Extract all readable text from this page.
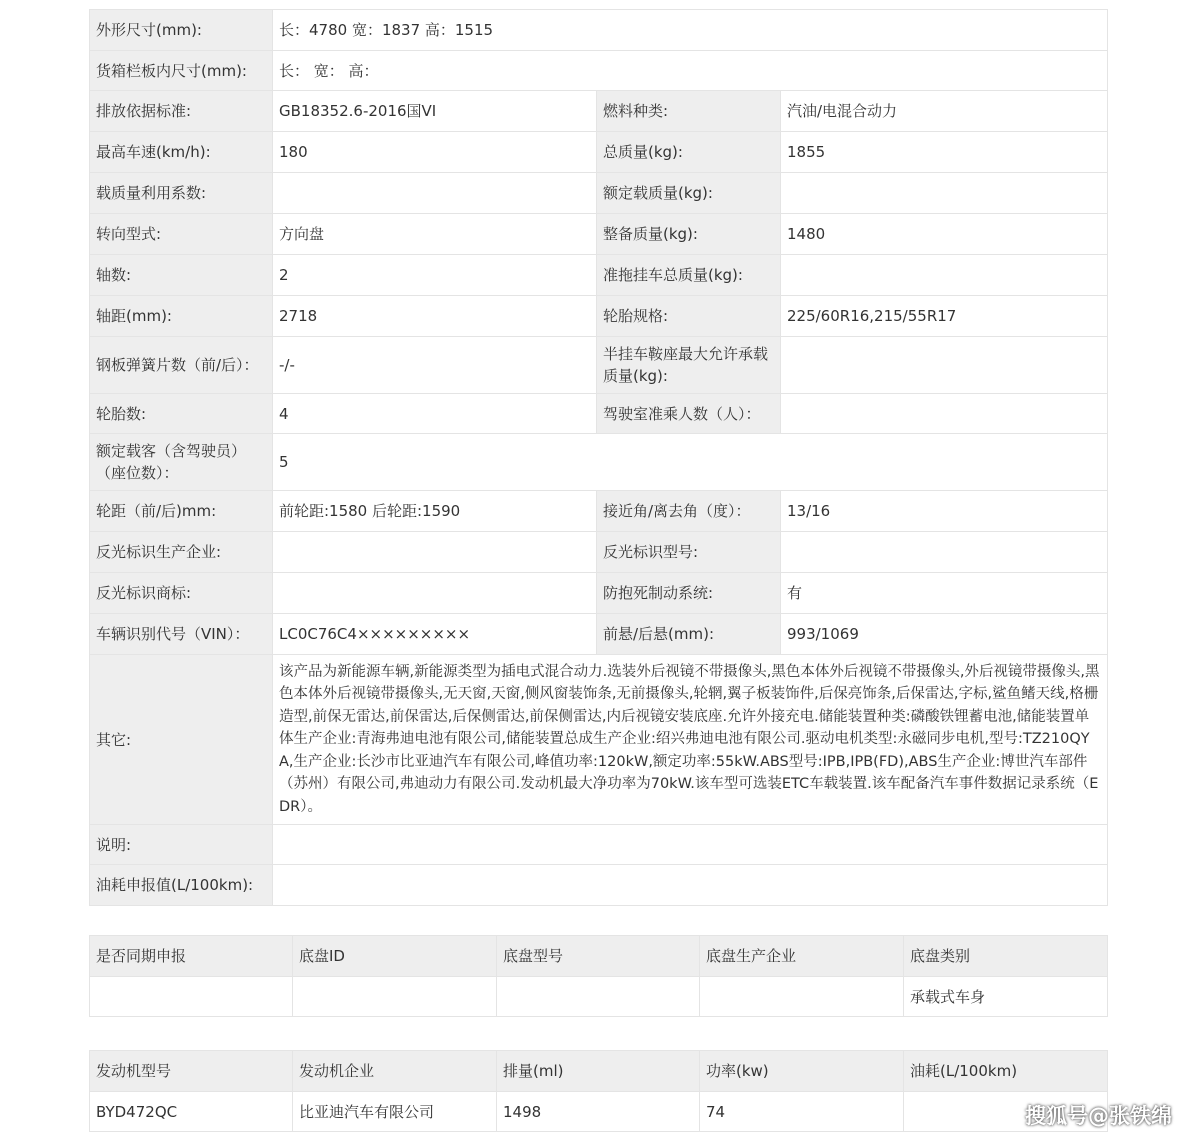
外形尺寸(mm):	长：4780 宽：1837 高：1515		
货箱栏板内尺寸(mm):	长： 宽： 高：		
排放依据标准:	GB18352.6-2016国VI	燃料种类:	汽油/电混合动力
最高车速(km/h):	180	总质量(kg):	1855
载质量利用系数:		额定载质量(kg):	
转向型式:	方向盘	整备质量(kg):	1480
轴数:	2	准拖挂车总质量(kg):	
轴距(mm):	2718	轮胎规格:	225/60R16,215/55R17
钢板弹簧片数（前/后）：	-/-	半挂车鞍座最大允许承载质量(kg):	
轮胎数:	4	驾驶室准乘人数（人）：	
额定载客（含驾驶员）（座位数）：	5		
轮距（前/后)mm:	前轮距:1580 后轮距:1590	接近角/离去角（度）：	13/16
反光标识生产企业:		反光标识型号:	
反光标识商标:		防抱死制动系统:	有
车辆识别代号（VIN）：	LC0C76C4×××××××××	前悬/后悬(mm):	993/1069
其它:	该产品为新能源车辆,新能源类型为插电式混合动力.选装外后视镜不带摄像头,黑色本体外后视镜不带摄像头,外后视镜带摄像头,黑色本体外后视镜带摄像头,无天窗,天窗,侧风窗装饰条,无前摄像头,轮辋,翼子板装饰件,后保亮饰条,后保雷达,字标,鲨鱼鳍天线,格栅造型,前保无雷达,前保雷达,后保侧雷达,前保侧雷达,内后视镜安装底座.允许外接充电.储能装置种类:磷酸铁锂蓄电池,储能装置单体生产企业:青海弗迪电池有限公司,储能装置总成生产企业:绍兴弗迪电池有限公司.驱动电机类型:永磁同步电机,型号:TZ210QYA,生产企业:长沙市比亚迪汽车有限公司,峰值功率:120kW,额定功率:55kW.ABS型号:IPB,IPB(FD),ABS生产企业:博世汽车部件（苏州）有限公司,弗迪动力有限公司.发动机最大净功率为70kW.该车型可选装ETC车载装置.该车配备汽车事件数据记录系统（EDR）。		
说明:			
油耗申报值(L/100km):			
是否同期申报	底盘ID	底盘型号	底盘生产企业	底盘类别
				承载式车身
发动机型号	发动机企业	排量(ml)	功率(kw)	油耗(L/100km)
BYD472QC	比亚迪汽车有限公司	1498	74		搜狐号@张铁绵
